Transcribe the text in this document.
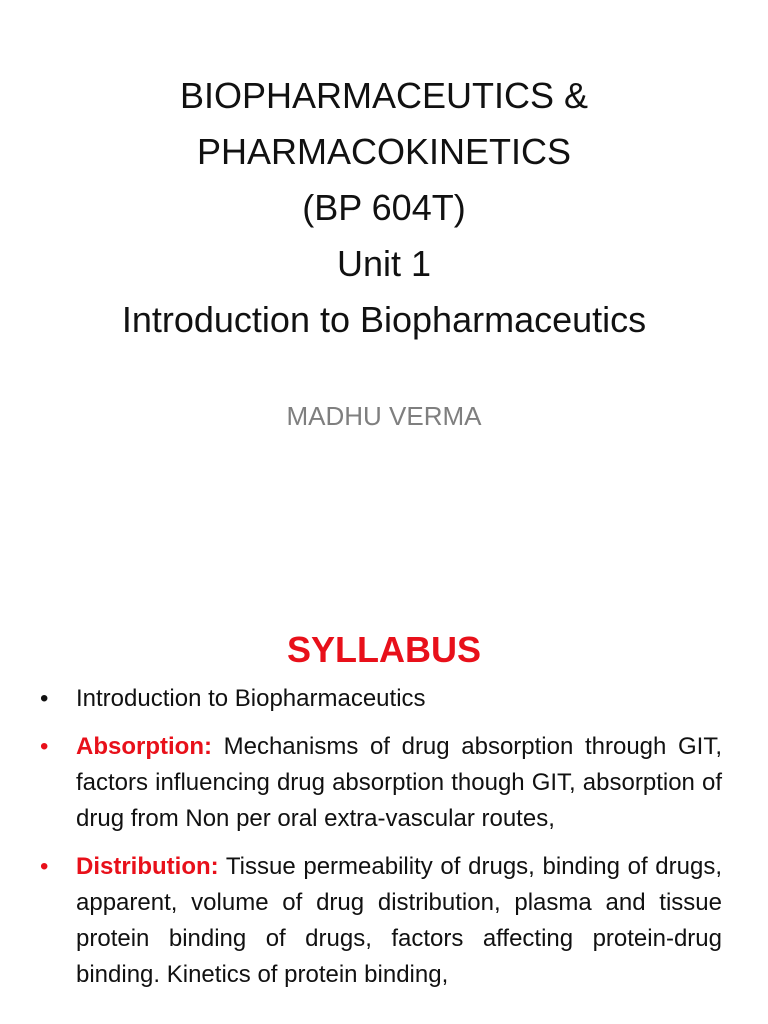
BIOPHARMACEUTICS &
PHARMACOKINETICS
(BP 604T)
Unit 1
Introduction to Biopharmaceutics
MADHU VERMA
SYLLABUS
•	Introduction to Biopharmaceutics
•	Absorption: Mechanisms of drug absorption through GIT, factors influencing drug absorption though GIT, absorption of drug from Non per oral extra-vascular routes,
•	Distribution: Tissue permeability of drugs, binding of drugs, apparent, volume of drug distribution, plasma and tissue protein binding of drugs, factors affecting protein-drug binding. Kinetics of protein binding,
